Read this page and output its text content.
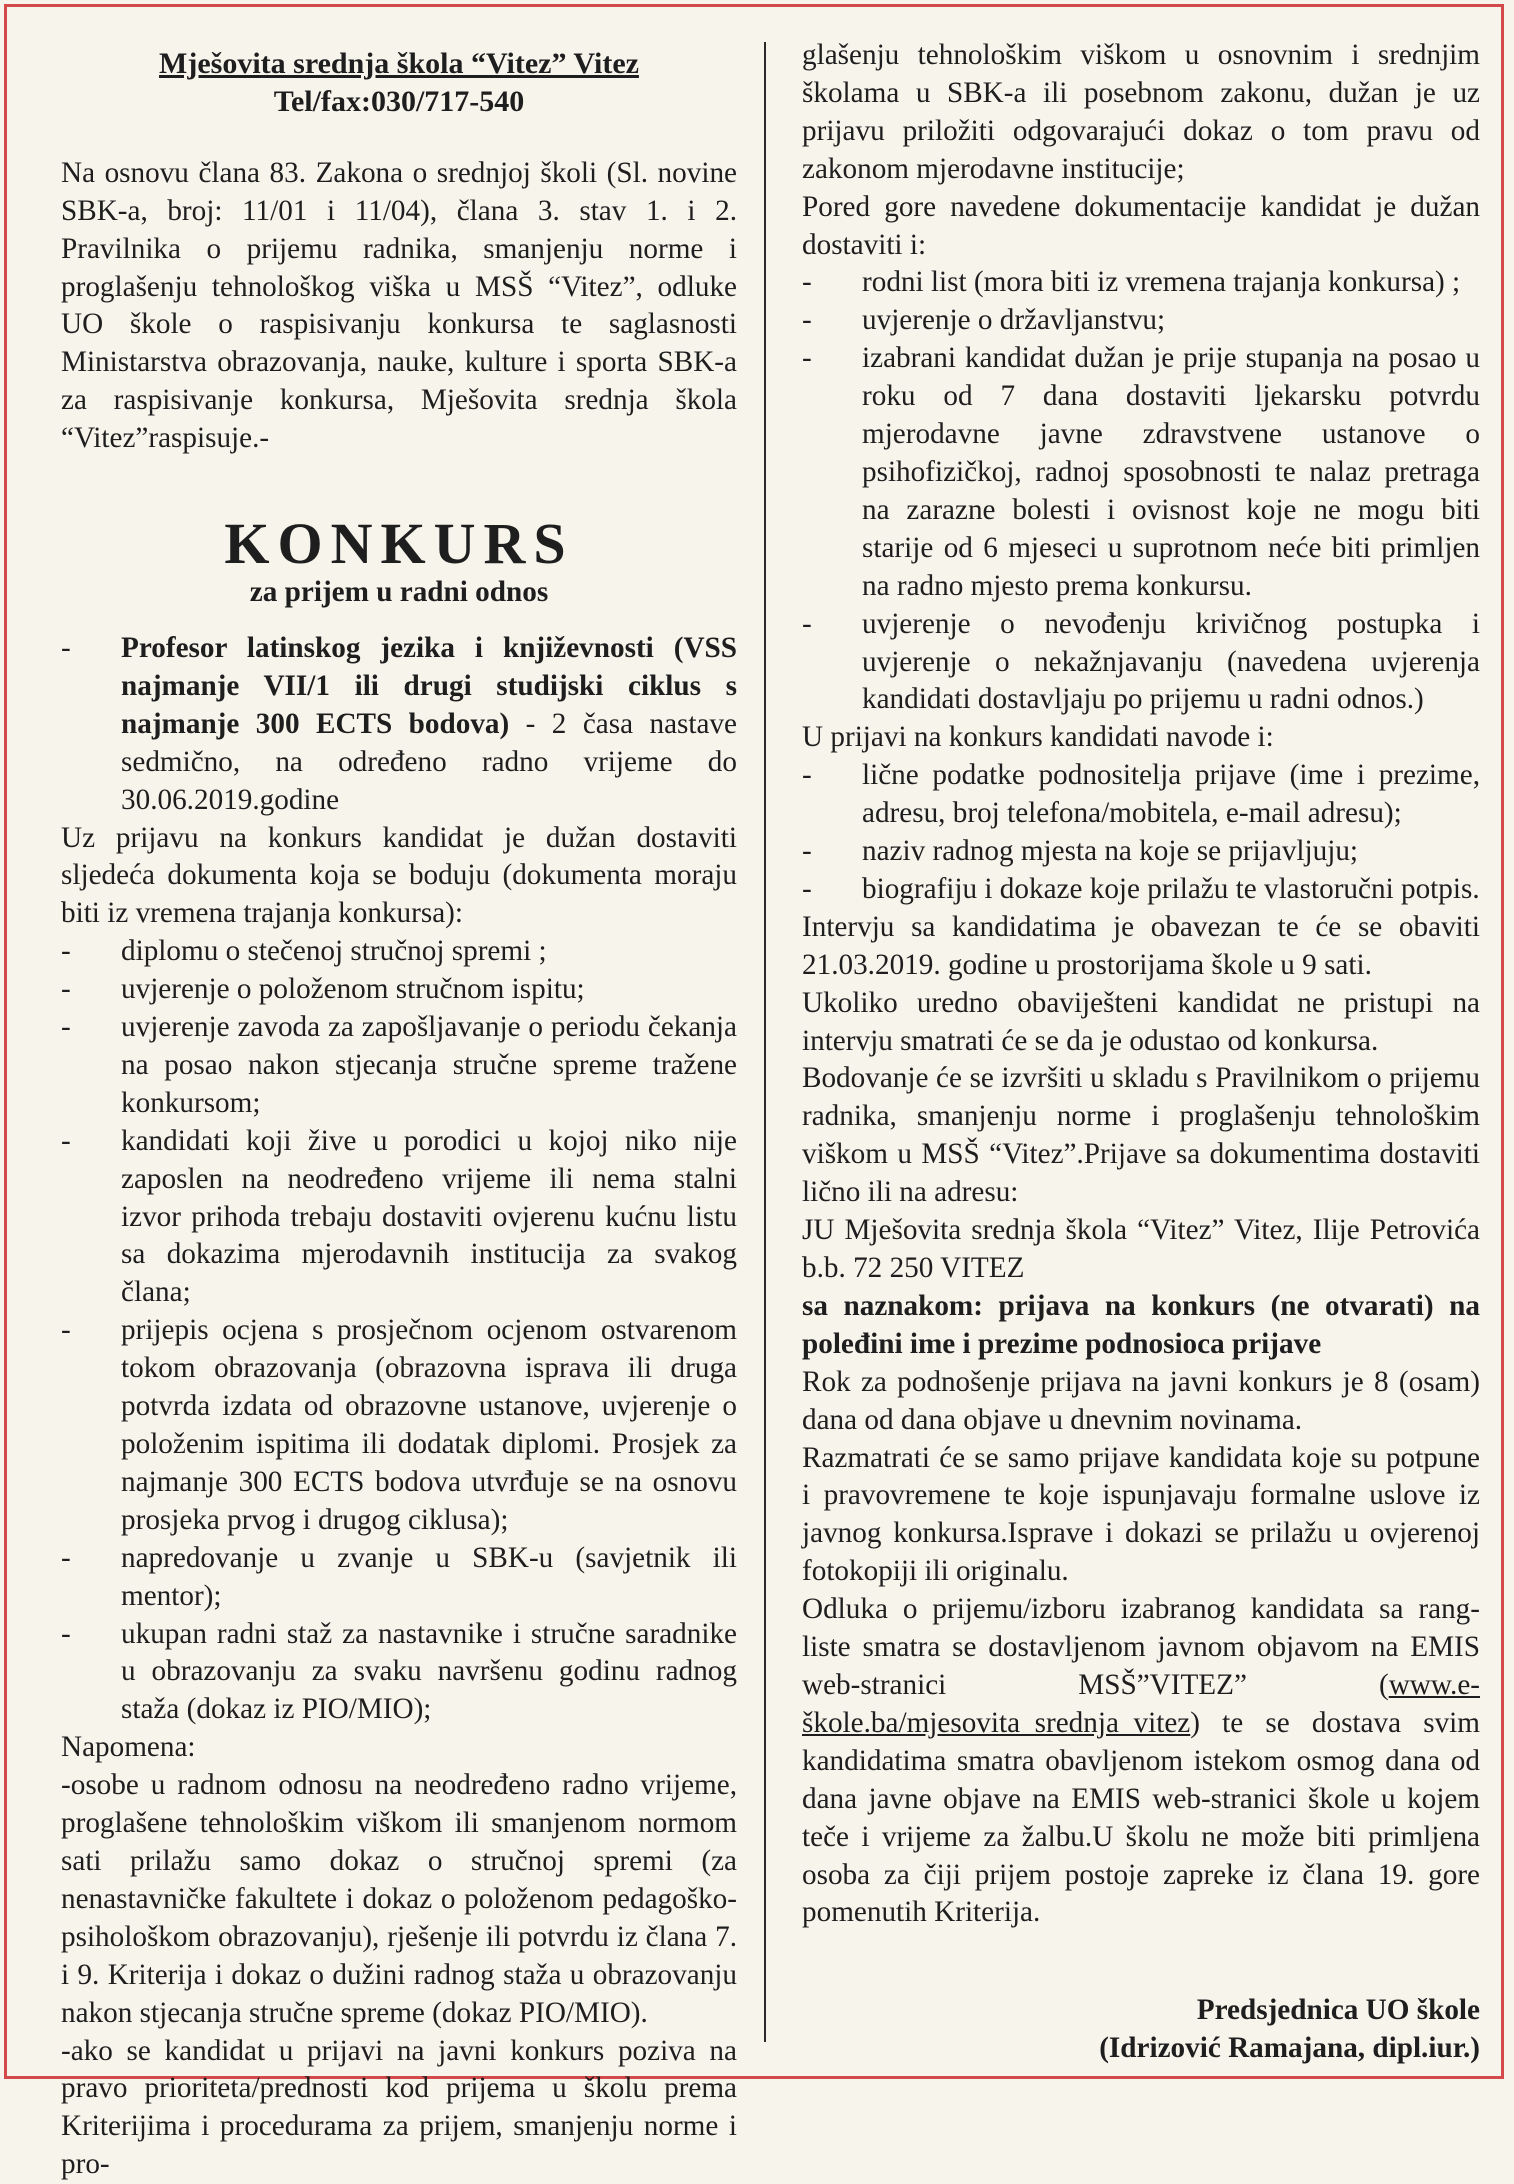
Mješovita srednja škola “Vitez” Vitez
Tel/fax:030/717-540

Na osnovu člana 83. Zakona o srednjoj školi (Sl. novine SBK-a, broj: 11/01 i 11/04), člana 3. stav 1. i 2. Pravilnika o prijemu radnika, smanjenju norme i proglašenju tehnološkog viška u MSŠ “Vitez”, odluke UO škole o raspisivanju konkursa te saglasnosti Ministarstva obrazovanja, nauke, kulture i sporta SBK-a za raspisivanje konkursa, Mješovita srednja škola “Vitez”raspisuje.-

KONKURS
za prijem u radni odnos
- Profesor latinskog jezika i književnosti (VSS najmanje VII/1 ili drugi studijski ciklus s najmanje 300 ECTS bodova) - 2 časa nastave sedmično, na određeno radno vrijeme do 30.06.2019.godine

Uz prijavu na konkurs kandidat je dužan dostaviti sljedeća dokumenta koja se boduju (dokumenta moraju biti iz vremena trajanja konkursa):

- diplomu o stečenoj stručnoj spremi ;
- uvjerenje o položenom stručnom ispitu;
- uvjerenje zavoda za zapošljavanje o periodu čekanja na posao nakon stjecanja stručne spreme tražene konkursom;
- kandidati koji žive u porodici u kojoj niko nije zaposlen na neodređeno vrijeme ili nema stalni izvor prihoda trebaju dostaviti ovjerenu kućnu listu sa dokazima mjerodavnih institucija za svakog člana;
- prijepis ocjena s prosječnom ocjenom ostvarenom tokom obrazovanja (obrazovna isprava ili druga potvrda izdata od obrazovne ustanove, uvjerenje o položenim ispitima ili dodatak diplomi. Prosjek za najmanje 300 ECTS bodova utvrđuje se na osnovu prosjeka prvog i drugog ciklusa);
- napredovanje u zvanje u SBK-u (savjetnik ili mentor);
- ukupan radni staž za nastavnike i stručne saradnike u obrazovanju za svaku navršenu godinu radnog staža (dokaz iz PIO/MIO);

Napomena:

-osobe u radnom odnosu na neodređeno radno vrijeme, proglašene tehnološkim viškom ili smanjenom normom sati prilažu samo dokaz o stručnoj spremi (za nenastavničke fakultete i dokaz o položenom pedagoško-psihološkom obrazovanju), rješenje ili potvrdu iz člana 7. i 9. Kriterija i dokaz o dužini radnog staža u obrazovanju nakon stjecanja stručne spreme (dokaz PIO/MIO).

-ako se kandidat u prijavi na javni konkurs poziva na pravo prioriteta/prednosti kod prijema u školu prema Kriterijima i procedurama za prijem, smanjenju norme i pro-

glašenju tehnološkim viškom u osnovnim i srednjim školama u SBK-a ili posebnom zakonu, dužan je uz prijavu priložiti odgovarajući dokaz o tom pravu od zakonom mjerodavne institucije;

Pored gore navedene dokumentacije kandidat je dužan dostaviti i:

- rodni list (mora biti iz vremena trajanja konkursa) ;
- uvjerenje o državljanstvu;
- izabrani kandidat dužan je prije stupanja na posao u roku od 7 dana dostaviti ljekarsku potvrdu mjerodavne javne zdravstvene ustanove o psihofizičkoj, radnoj sposobnosti te nalaz pretraga na zarazne bolesti i ovisnost koje ne mogu biti starije od 6 mjeseci u suprotnom neće biti primljen na radno mjesto prema konkursu.
- uvjerenje o nevođenju krivičnog postupka i uvjerenje o nekažnjavanju (navedena uvjerenja kandidati dostavljaju po prijemu u radni odnos.)

U prijavi na konkurs kandidati navode i:

- lične podatke podnositelja prijave (ime i prezime, adresu, broj telefona/mobitela, e-mail adresu);
- naziv radnog mjesta na koje se prijavljuju;
- biografiju i dokaze koje prilažu te vlastoručni potpis.

Intervju sa kandidatima je obavezan te će se obaviti 21.03.2019. godine u prostorijama škole u 9 sati.

Ukoliko uredno obaviješteni kandidat ne pristupi na intervju smatrati će se da je odustao od konkursa.

Bodovanje će se izvršiti u skladu s Pravilnikom o prijemu radnika, smanjenju norme i proglašenju tehnološkim viškom u MSŠ “Vitez”.Prijave sa dokumentima dostaviti lično ili na adresu:

JU Mješovita srednja škola “Vitez” Vitez, Ilije Petrovića b.b. 72 250 VITEZ

sa naznakom: prijava na konkurs (ne otvarati) na poleđini ime i prezime podnosioca prijave

Rok za podnošenje prijava na javni konkurs je 8 (osam) dana od dana objave u dnevnim novinama.

Razmatrati će se samo prijave kandidata koje su potpune i pravovremene te koje ispunjavaju formalne uslove iz javnog konkursa.Isprave i dokazi se prilažu u ovjerenoj fotokopiji ili originalu.

Odluka o prijemu/izboru izabranog kandidata sa rang-liste smatra se dostavljenom javnom objavom na EMIS web-stranici MSŠ”VITEZ” (www.e-škole.ba/mjesovita_srednja_vitez) te se dostava svim kandidatima smatra obavljenom istekom osmog dana od dana javne objave na EMIS web-stranici škole u kojem teče i vrijeme za žalbu.U školu ne može biti primljena osoba za čiji prijem postoje zapreke iz člana 19. gore pomenutih Kriterija.

Predsjednica UO škole
(Idrizović Ramajana, dipl.iur.)
